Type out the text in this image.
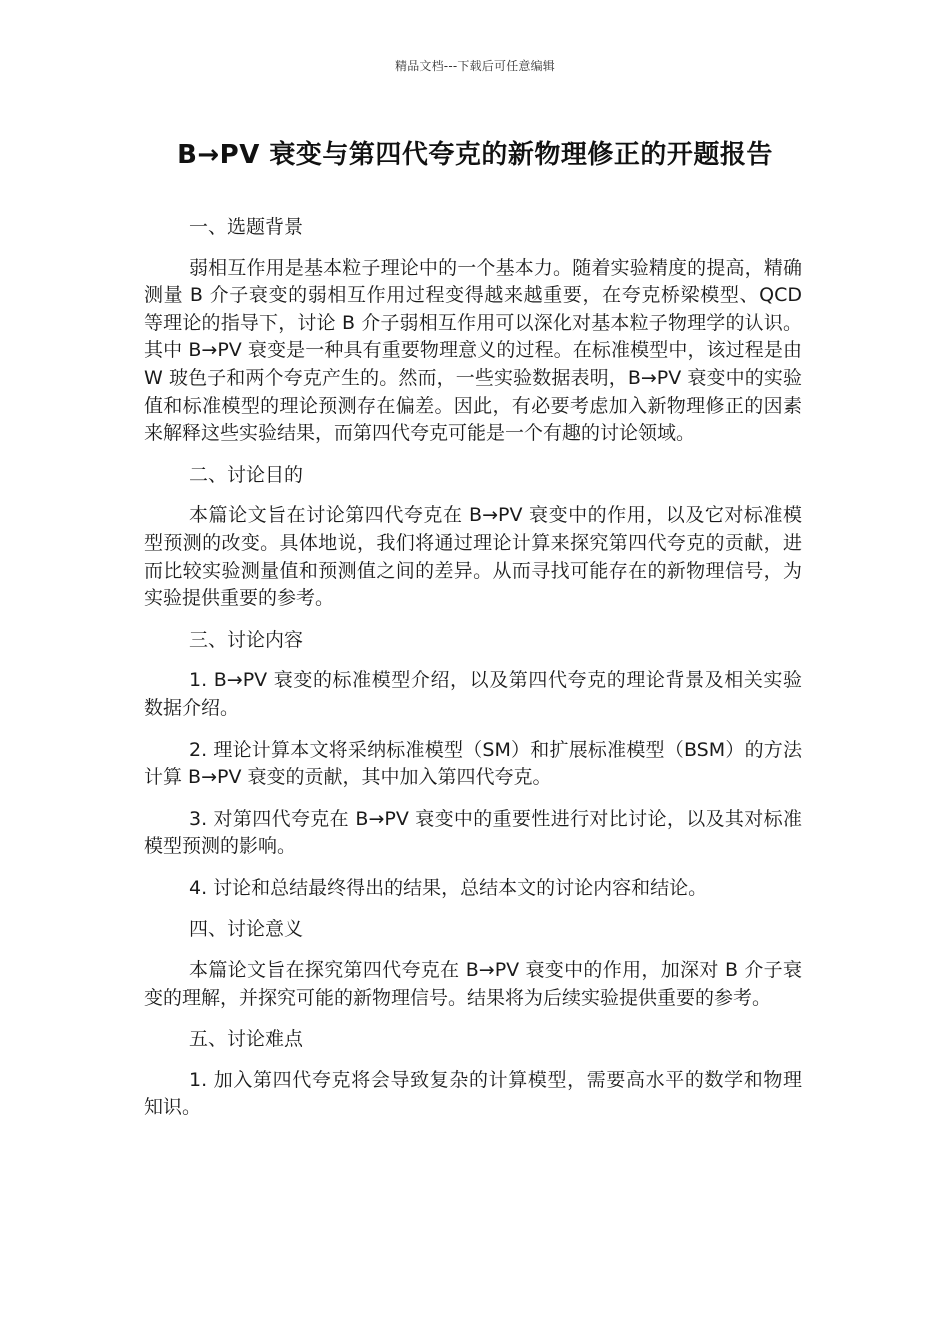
精品文档---下载后可任意编辑
B→PV 衰变与第四代夸克的新物理修正的开题报告

一、选题背景

弱相互作用是基本粒子理论中的一个基本力。随着实验精度的提高，精确测量 B 介子衰变的弱相互作用过程变得越来越重要，在夸克桥梁模型、QCD 等理论的指导下，讨论 B 介子弱相互作用可以深化对基本粒子物理学的认识。其中 B→PV 衰变是一种具有重要物理意义的过程。在标准模型中，该过程是由 W 玻色子和两个夸克产生的。然而，一些实验数据表明，B→PV 衰变中的实验值和标准模型的理论预测存在偏差。因此，有必要考虑加入新物理修正的因素来解释这些实验结果，而第四代夸克可能是一个有趣的讨论领域。

二、讨论目的

本篇论文旨在讨论第四代夸克在 B→PV 衰变中的作用，以及它对标准模型预测的改变。具体地说，我们将通过理论计算来探究第四代夸克的贡献，进而比较实验测量值和预测值之间的差异。从而寻找可能存在的新物理信号，为实验提供重要的参考。

三、讨论内容

1. B→PV 衰变的标准模型介绍，以及第四代夸克的理论背景及相关实验数据介绍。

2. 理论计算本文将采纳标准模型（SM）和扩展标准模型（BSM）的方法计算 B→PV 衰变的贡献，其中加入第四代夸克。

3. 对第四代夸克在 B→PV 衰变中的重要性进行对比讨论，以及其对标准模型预测的影响。

4. 讨论和总结最终得出的结果，总结本文的讨论内容和结论。

四、讨论意义

本篇论文旨在探究第四代夸克在 B→PV 衰变中的作用，加深对 B 介子衰变的理解，并探究可能的新物理信号。结果将为后续实验提供重要的参考。

五、讨论难点

1. 加入第四代夸克将会导致复杂的计算模型，需要高水平的数学和物理知识。
